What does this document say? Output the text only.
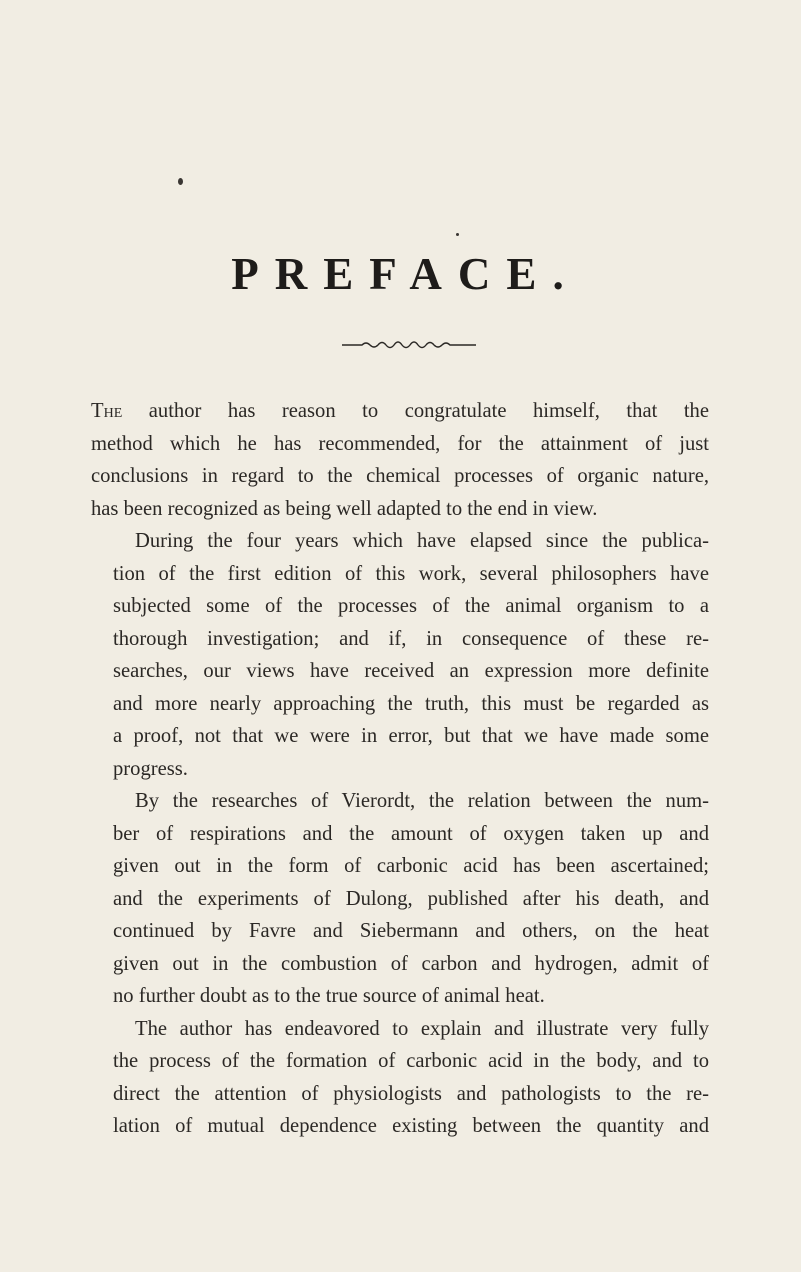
PREFACE.
The author has reason to congratulate himself, that the
method which he has recommended, for the attainment of just
conclusions in regard to the chemical processes of organic nature,
has been recognized as being well adapted to the end in view.
During the four years which have elapsed since the publica-
tion of the first edition of this work, several philosophers have
subjected some of the processes of the animal organism to a
thorough investigation; and if, in consequence of these re-
searches, our views have received an expression more definite
and more nearly approaching the truth, this must be regarded as
a proof, not that we were in error, but that we have made some
progress.
By the researches of Vierordt, the relation between the num-
ber of respirations and the amount of oxygen taken up and
given out in the form of carbonic acid has been ascertained;
and the experiments of Dulong, published after his death, and
continued by Favre and Siebermann and others, on the heat
given out in the combustion of carbon and hydrogen, admit of
no further doubt as to the true source of animal heat.
The author has endeavored to explain and illustrate very fully
the process of the formation of carbonic acid in the body, and to
direct the attention of physiologists and pathologists to the re-
lation of mutual dependence existing between the quantity and
